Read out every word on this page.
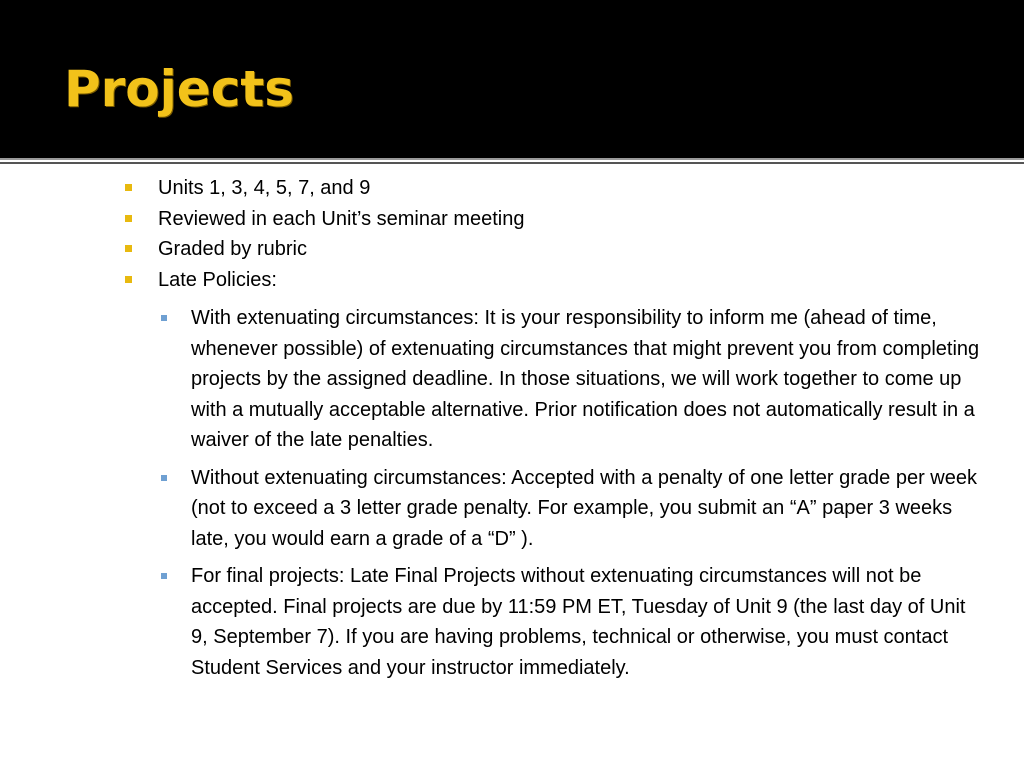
Projects
Units 1, 3, 4, 5, 7, and 9
Reviewed in each Unit’s seminar meeting
Graded by rubric
Late Policies:
With extenuating circumstances: It is your responsibility to inform me (ahead of time, whenever possible) of extenuating circumstances that might prevent you from completing projects by the assigned deadline. In those situations, we will work together to come up with a mutually acceptable alternative. Prior notification does not automatically result in a waiver of the late penalties.
Without extenuating circumstances: Accepted with a penalty of one letter grade per week (not to exceed a 3 letter grade penalty. For example, you submit an “A” paper 3 weeks late, you would earn a grade of a “D” ).
For final projects: Late Final Projects without extenuating circumstances will not be accepted. Final projects are due by 11:59 PM ET, Tuesday of Unit 9 (the last day of Unit 9, September 7). If you are having problems, technical or otherwise, you must contact Student Services and your instructor immediately.
